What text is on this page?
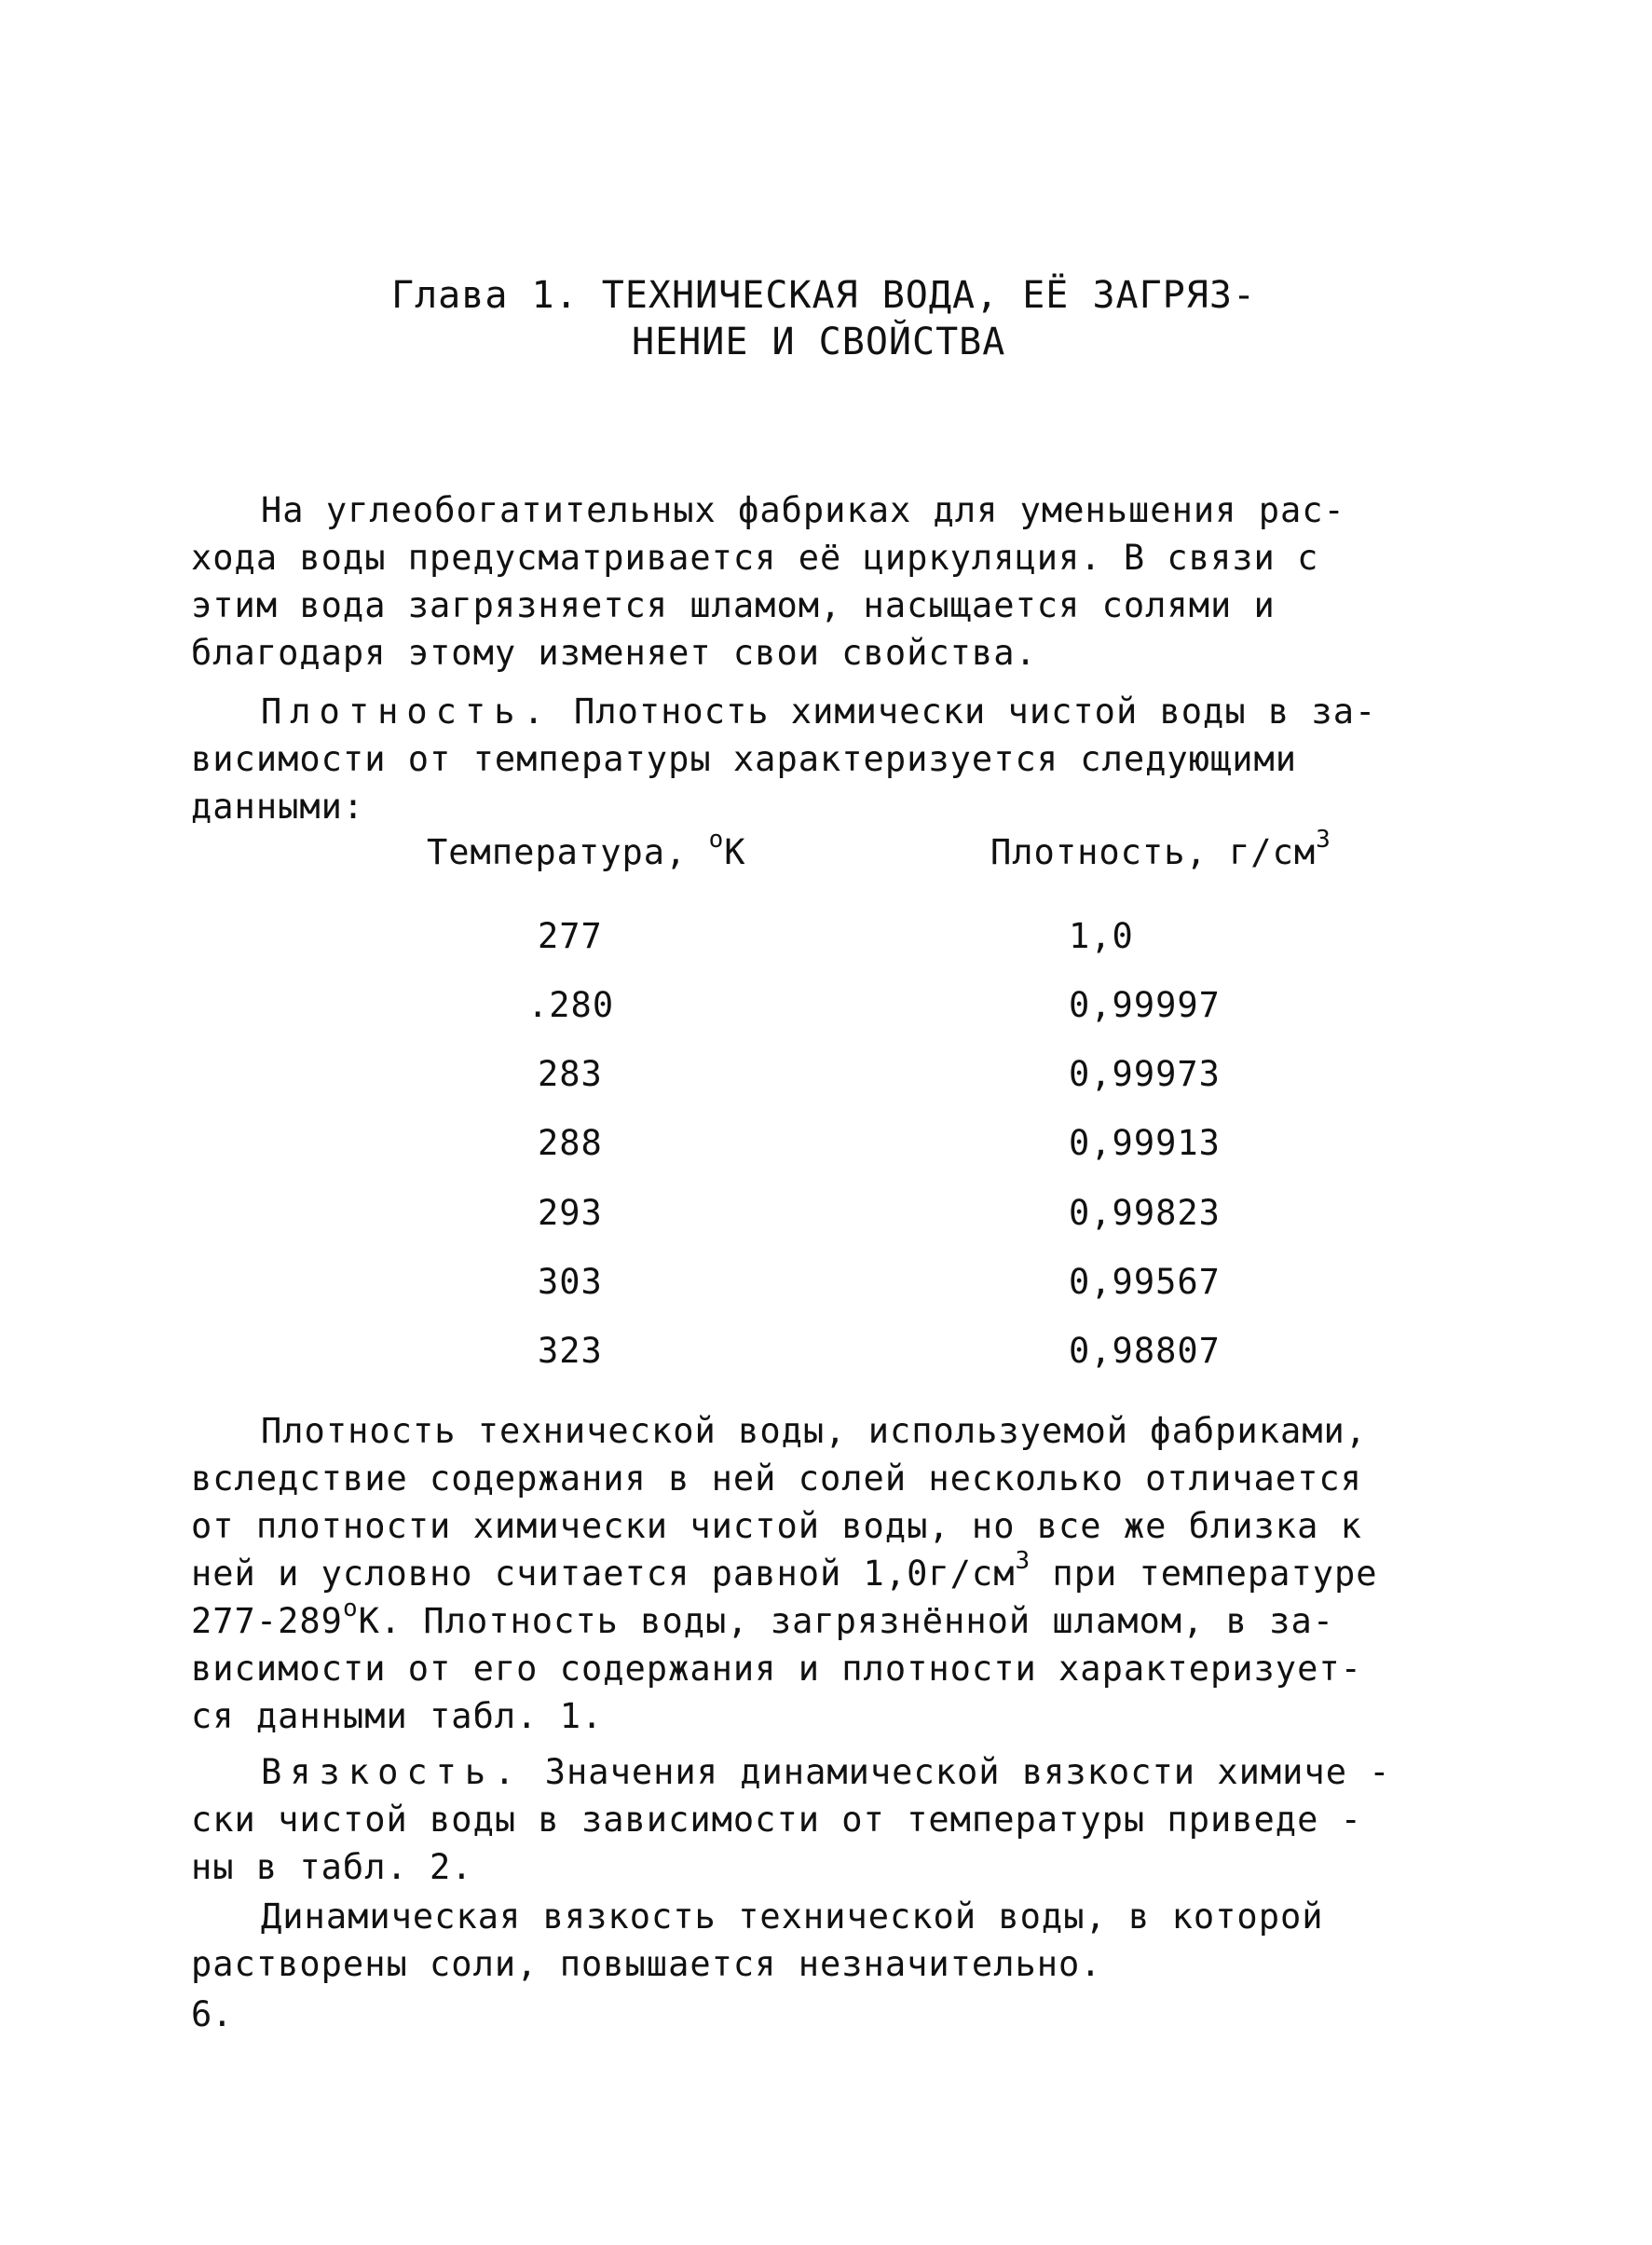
Глава 1. ТЕХНИЧЕСКАЯ ВОДА, ЕЁ ЗАГРЯЗ-
НЕНИЕ И СВОЙСТВА
На углеобогатительных фабриках для уменьшения рас-
хода воды предусматривается её циркуляция. В связи с
этим вода загрязняется шламом, насыщается солями и
благодаря этому изменяет свои свойства.
Плотность. Плотность химически чистой воды в за-
висимости от температуры характеризуется следующими
данными:
Температура, $^о$К	Плотность, $г/см^3$
277	1,0
.280	0,99997
283	0,99973
288	0,99913
293	0,99823
303	0,99567
323	0,98807
Плотность технической воды, используемой фабриками,
вследствие содержания в ней солей несколько отличается
от плотности химически чистой воды, но все же близка к
ней и условно считается равной $1,0г/см^3$ при температуре
$277-289^оК$. Плотность воды, загрязнённой шламом, в за-
висимости от его содержания и плотности характеризует-
ся данными табл. 1.
Вязкость. Значения динамической вязкости химиче -
ски чистой воды в зависимости от температуры приведе -
ны в табл. 2.
Динамическая вязкость технической воды, в которой
растворены соли, повышается незначительно.
6.
